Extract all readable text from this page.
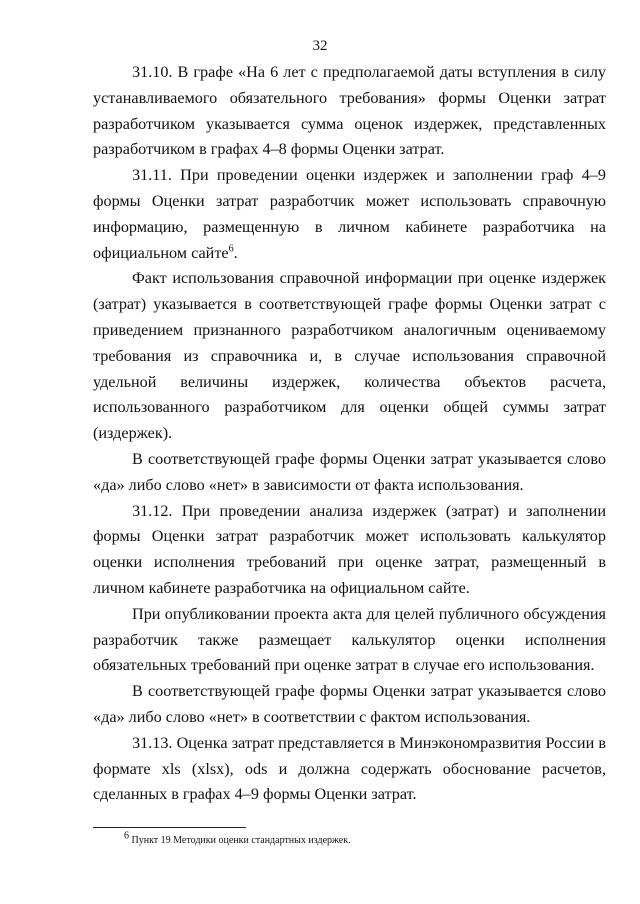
32

31.10. В графе «На 6 лет с предполагаемой даты вступления в силу устанавливаемого обязательного требования» формы Оценки затрат разработчиком указывается сумма оценок издержек, представленных разработчиком в графах 4–8 формы Оценки затрат.

31.11. При проведении оценки издержек и заполнении граф 4–9 формы Оценки затрат разработчик может использовать справочную информацию, размещенную в личном кабинете разработчика на официальном сайте$^6$.

Факт использования справочной информации при оценке издержек (затрат) указывается в соответствующей графе формы Оценки затрат с приведением признанного разработчиком аналогичным оцениваемому требования из справочника и, в случае использования справочной удельной величины издержек, количества объектов расчета, использованного разработчиком для оценки общей суммы затрат (издержек).

В соответствующей графе формы Оценки затрат указывается слово «да» либо слово «нет» в зависимости от факта использования.

31.12. При проведении анализа издержек (затрат) и заполнении формы Оценки затрат разработчик может использовать калькулятор оценки исполнения требований при оценке затрат, размещенный в личном кабинете разработчика на официальном сайте.

При опубликовании проекта акта для целей публичного обсуждения разработчик также размещает калькулятор оценки исполнения обязательных требований при оценке затрат в случае его использования.

В соответствующей графе формы Оценки затрат указывается слово «да» либо слово «нет» в соответствии с фактом использования.

31.13. Оценка затрат представляется в Минэкономразвития России в формате xls (xlsx), ods и должна содержать обоснование расчетов, сделанных в графах 4–9 формы Оценки затрат.

$^6$ Пункт 19 Методики оценки стандартных издержек.
